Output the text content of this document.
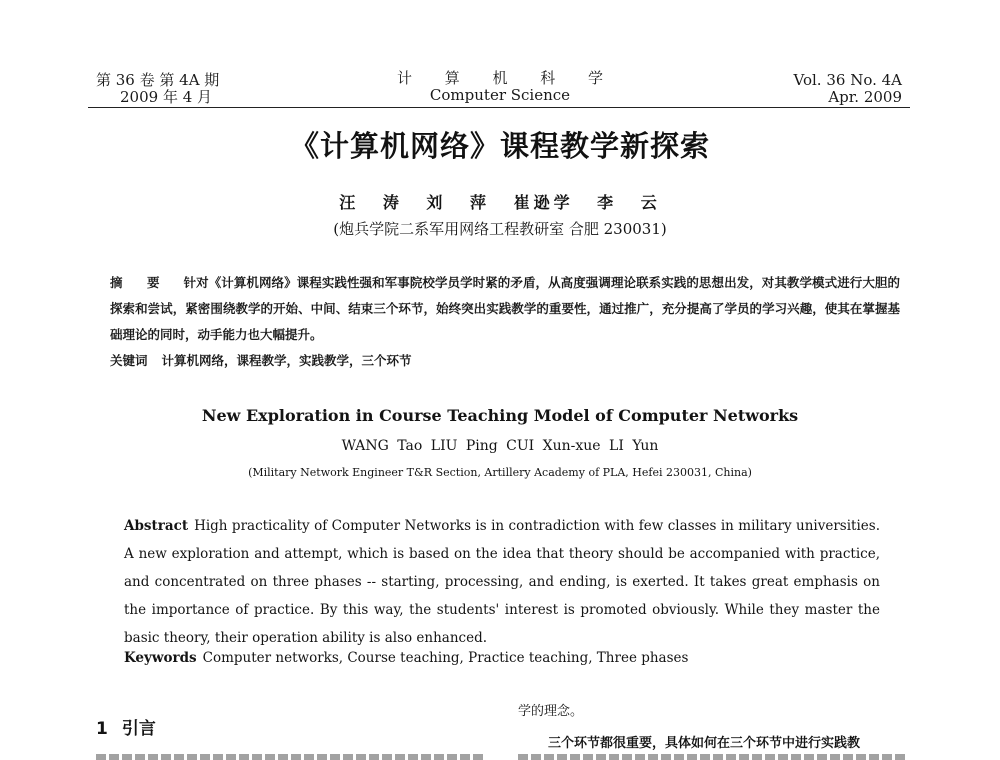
第 36 卷 第 4A 期
2009 年 4 月
计 算 机 科 学
Computer Science
Vol. 36 No. 4A
Apr. 2009
《计算机网络》课程教学新探索
汪 涛 刘 萍 崔逊学 李 云
(炮兵学院二系军用网络工程教研室 合肥 230031)
摘 要 针对《计算机网络》课程实践性强和军事院校学员学时紧的矛盾，从高度强调理论联系实践的思想出发，对其教学模式进行大胆的探索和尝试，紧密围绕教学的开始、中间、结束三个环节，始终突出实践教学的重要性，通过推广，充分提高了学员的学习兴趣，使其在掌握基础理论的同时，动手能力也大幅提升。
关键词 计算机网络，课程教学，实践教学，三个环节
New Exploration in Course Teaching Model of Computer Networks
WANG Tao LIU Ping CUI Xun-xue LI Yun
(Military Network Engineer T&R Section, Artillery Academy of PLA, Hefei 230031, China)
Abstract High practicality of Computer Networks is in contradiction with few classes in military universities. A new exploration and attempt, which is based on the idea that theory should be accompanied with practice, and concentrated on three phases -- starting, processing, and ending, is exerted. It takes great emphasis on the importance of practice. By this way, the students' interest is promoted obviously. While they master the basic theory, their operation ability is also enhanced.
Keywords Computer networks, Course teaching, Practice teaching, Three phases
1 引言
学的理念。
三个环节都很重要，具体如何在三个环节中进行实践教
